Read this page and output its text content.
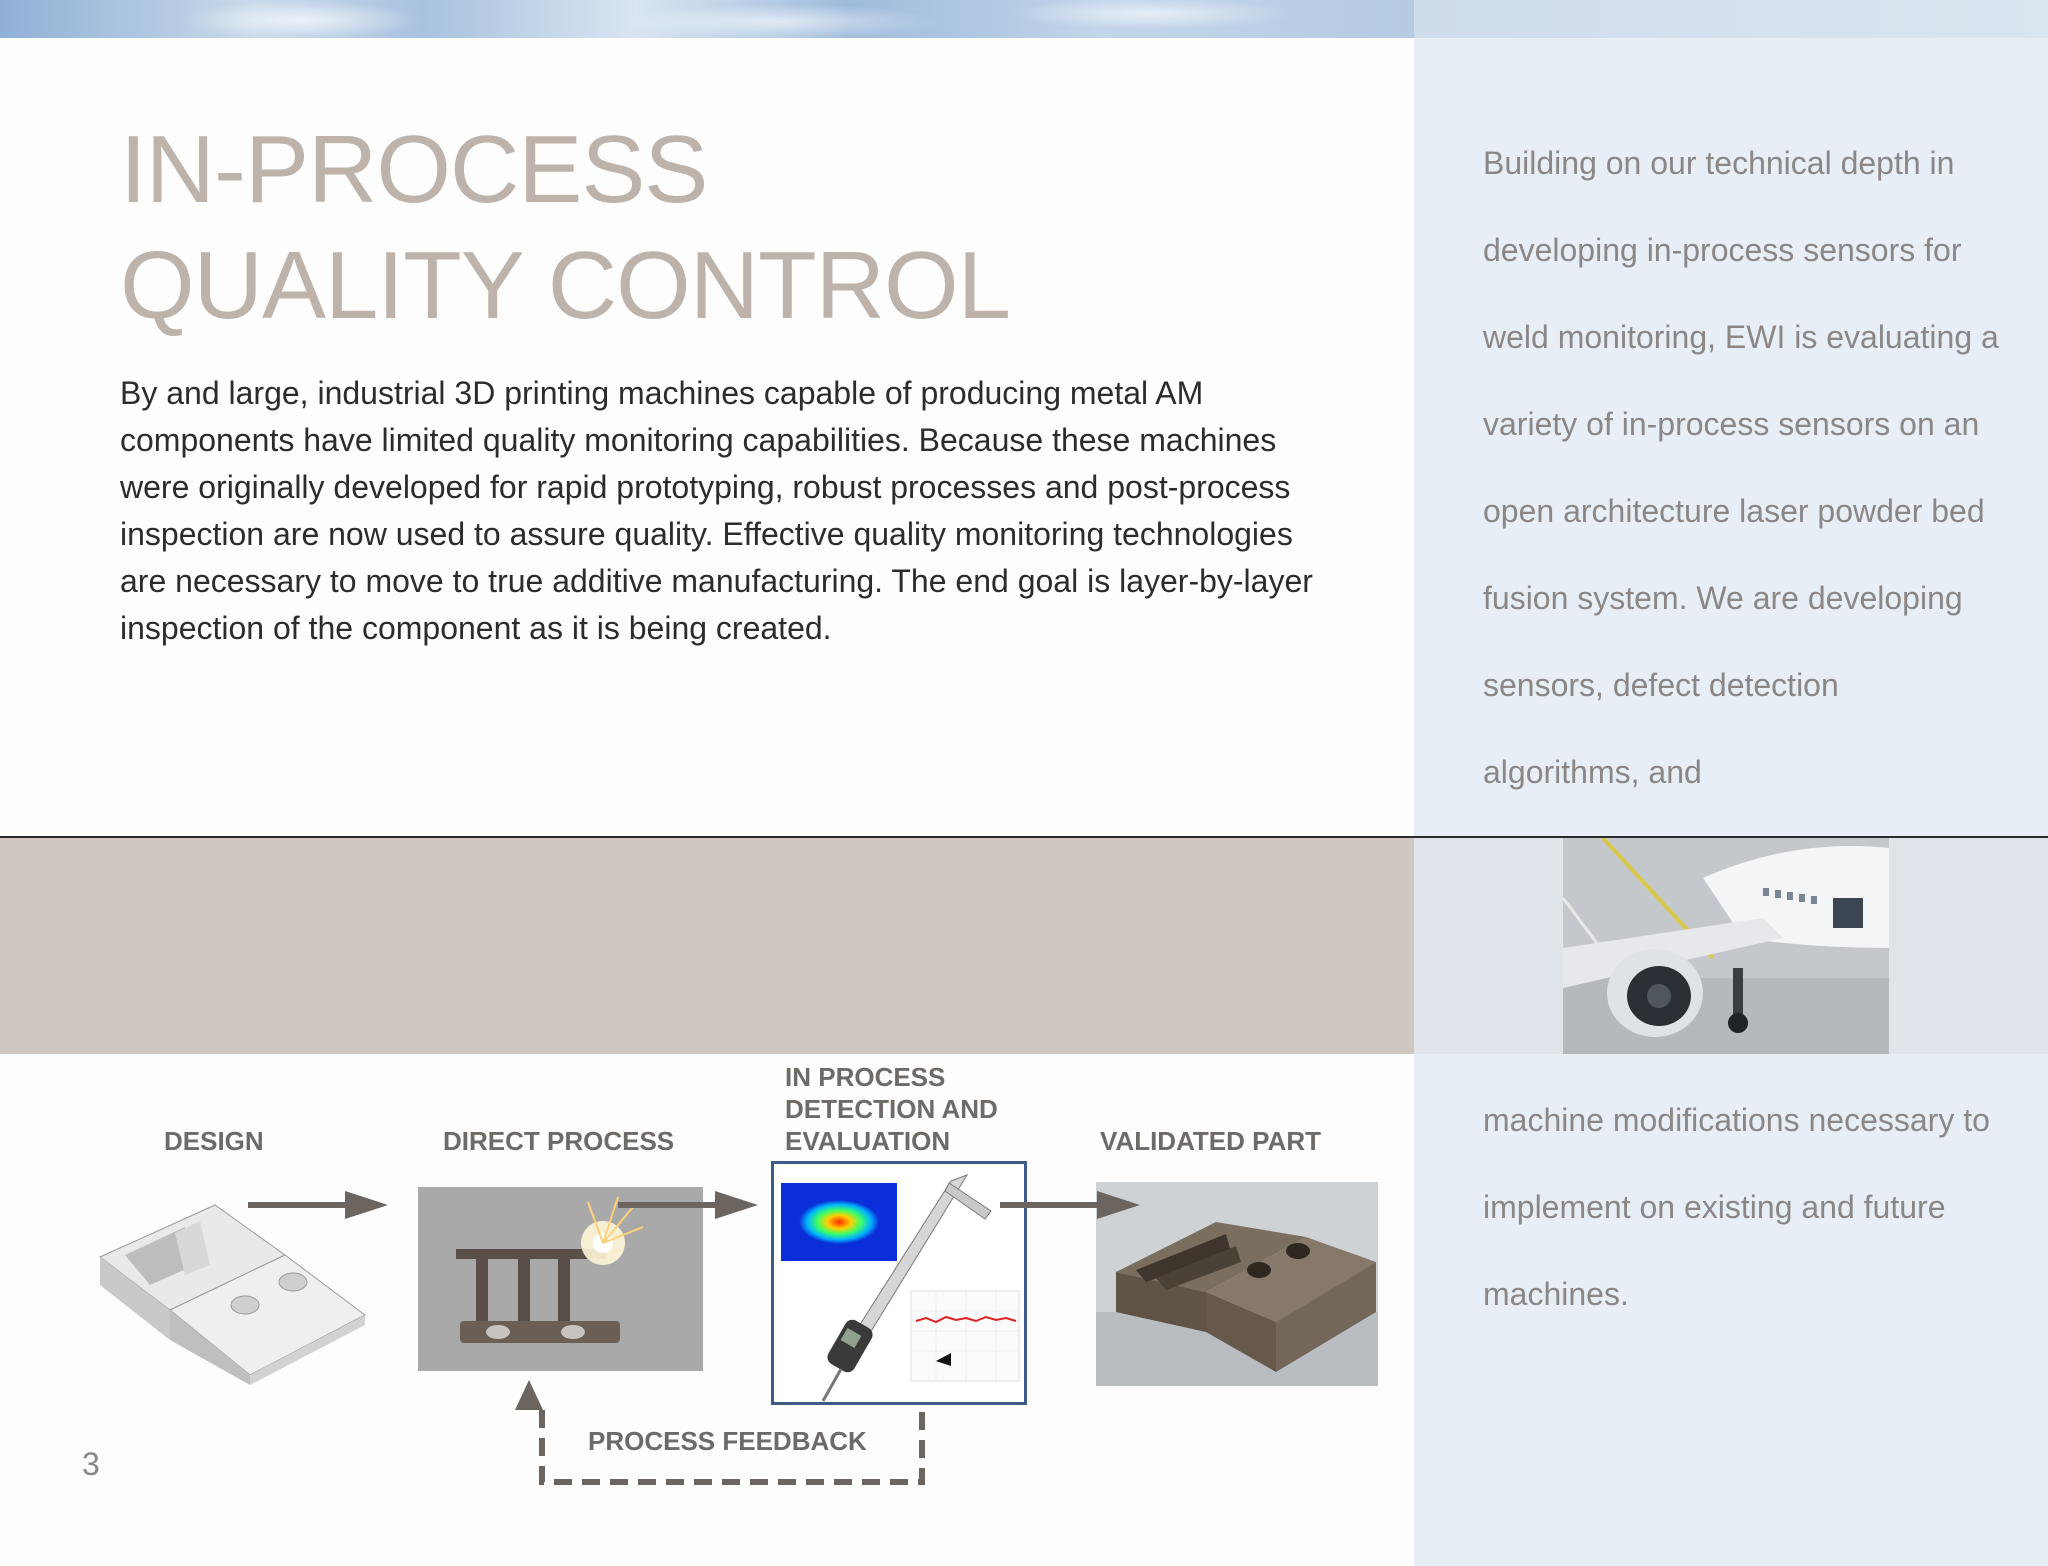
IN-PROCESS
QUALITY CONTROL

By and large, industrial 3D printing machines capable of producing metal AM components have limited quality monitoring capabilities. Because these machines were originally developed for rapid prototyping, robust processes and post-process inspection are now used to assure quality. Effective quality monitoring technologies are necessary to move to true additive manufacturing. The end goal is layer-by-layer inspection of the component as it is being created.

Building on our technical depth in developing in-process sensors for weld monitoring, EWI is evaluating a variety of in-process sensors on an open architecture laser powder bed fusion system. We are developing sensors, defect detection algorithms, and

machine modifications necessary to implement on existing and future machines.

DESIGN	DIRECT PROCESS

IN PROCESS
DETECTION AND
EVALUATION	VALIDATED PART

PROCESS FEEDBACK
3
